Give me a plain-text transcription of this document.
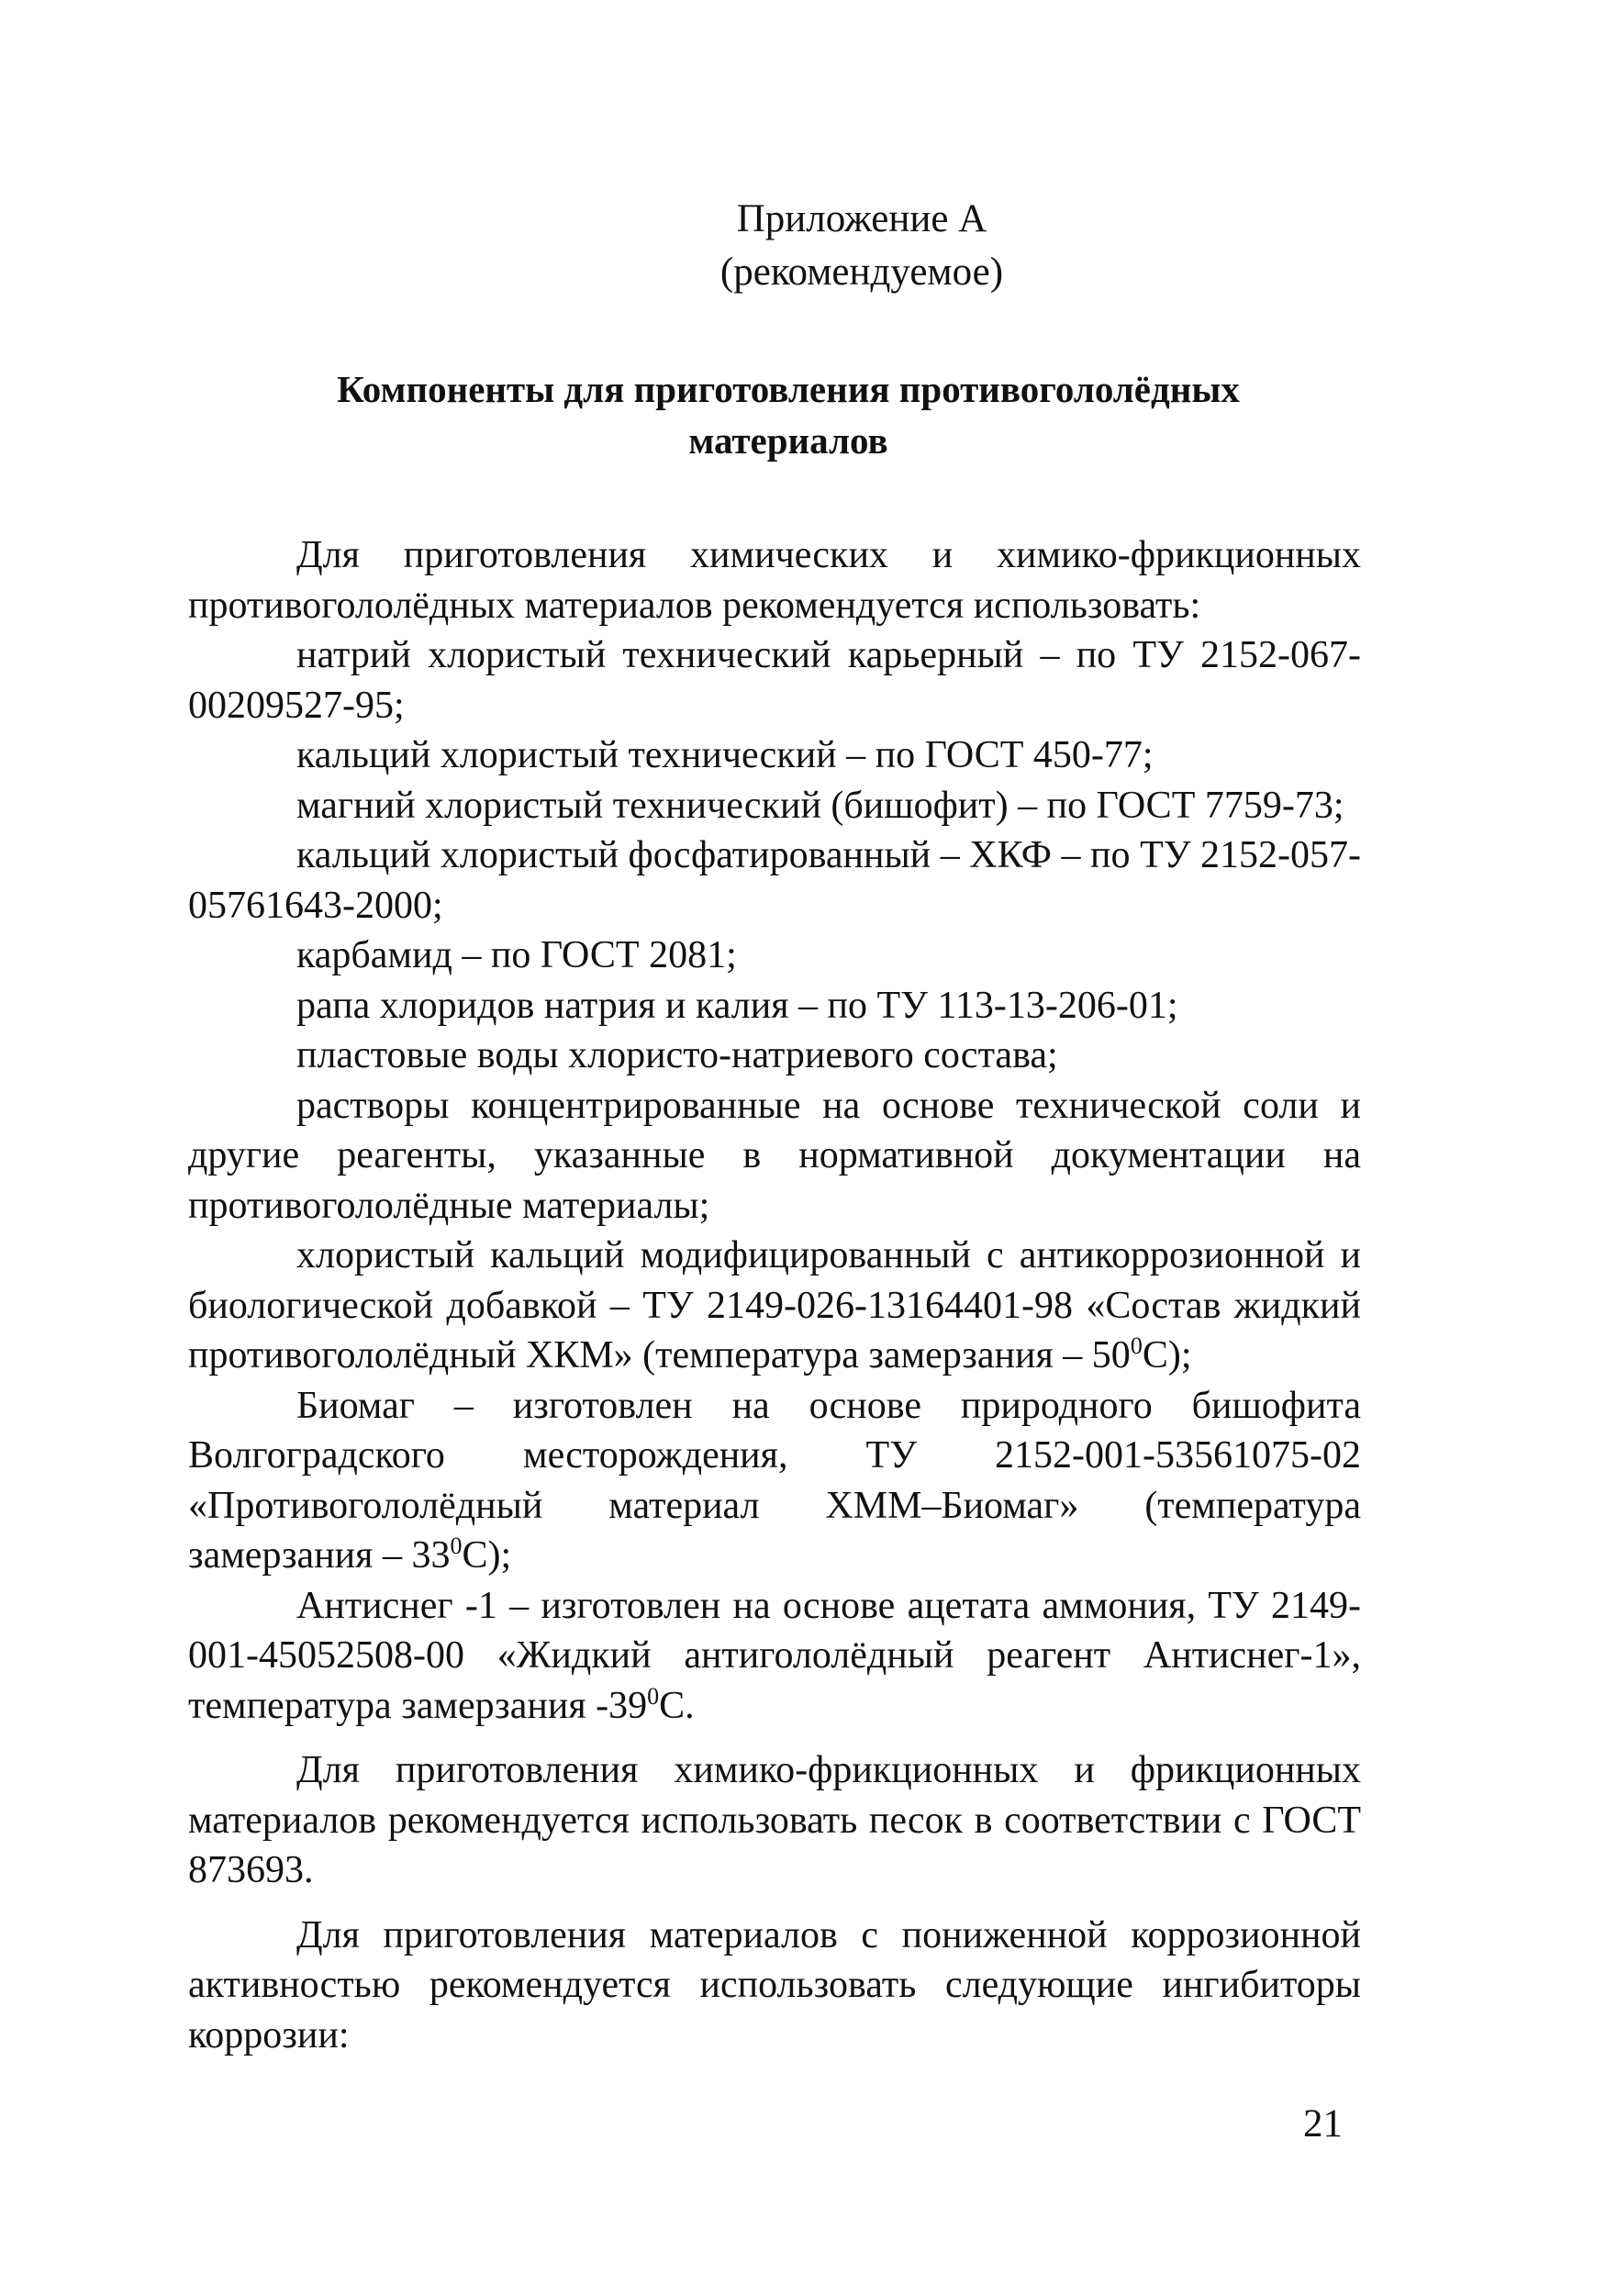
Приложение А
(рекомендуемое)
Компоненты для приготовления противогололёдных
материалов

Для приготовления химических и химико-фрикционных противогололёдных материалов рекомендуется использовать:

натрий хлористый технический карьерный – по ТУ 2152-067-00209527-95;

кальций хлористый технический – по ГОСТ 450-77;

магний хлористый технический (бишофит) – по ГОСТ 7759-73;

кальций хлористый фосфатированный – ХКФ – по ТУ 2152-057-05761643-2000;

карбамид – по ГОСТ 2081;

рапа хлоридов натрия и калия – по ТУ 113-13-206-01;

пластовые воды хлористо-натриевого состава;

растворы концентрированные на основе технической соли и другие реагенты, указанные в нормативной документации на противогололёдные материалы;

хлористый кальций модифицированный с антикоррозионной и биологической добавкой – ТУ 2149-026-13164401-98 «Состав жидкий противогололёдный ХКМ» (температура замерзания – $50^0С$);

Биомаг – изготовлен на основе природного бишофита Волгоградского месторождения, ТУ 2152-001-53561075-02 «Противогололёдный материал ХММ–Биомаг» (температура замерзания – $33^0С$);

Антиснег -1 – изготовлен на основе ацетата аммония, ТУ 2149-001-45052508-00 «Жидкий антигололёдный реагент Антиснег-1», температура замерзания $-39^0С$.

Для приготовления химико-фрикционных и фрикционных материалов рекомендуется использовать песок в соответствии с ГОСТ 873693.

Для приготовления материалов с пониженной коррозионной активностью рекомендуется использовать следующие ингибиторы коррозии:

21
